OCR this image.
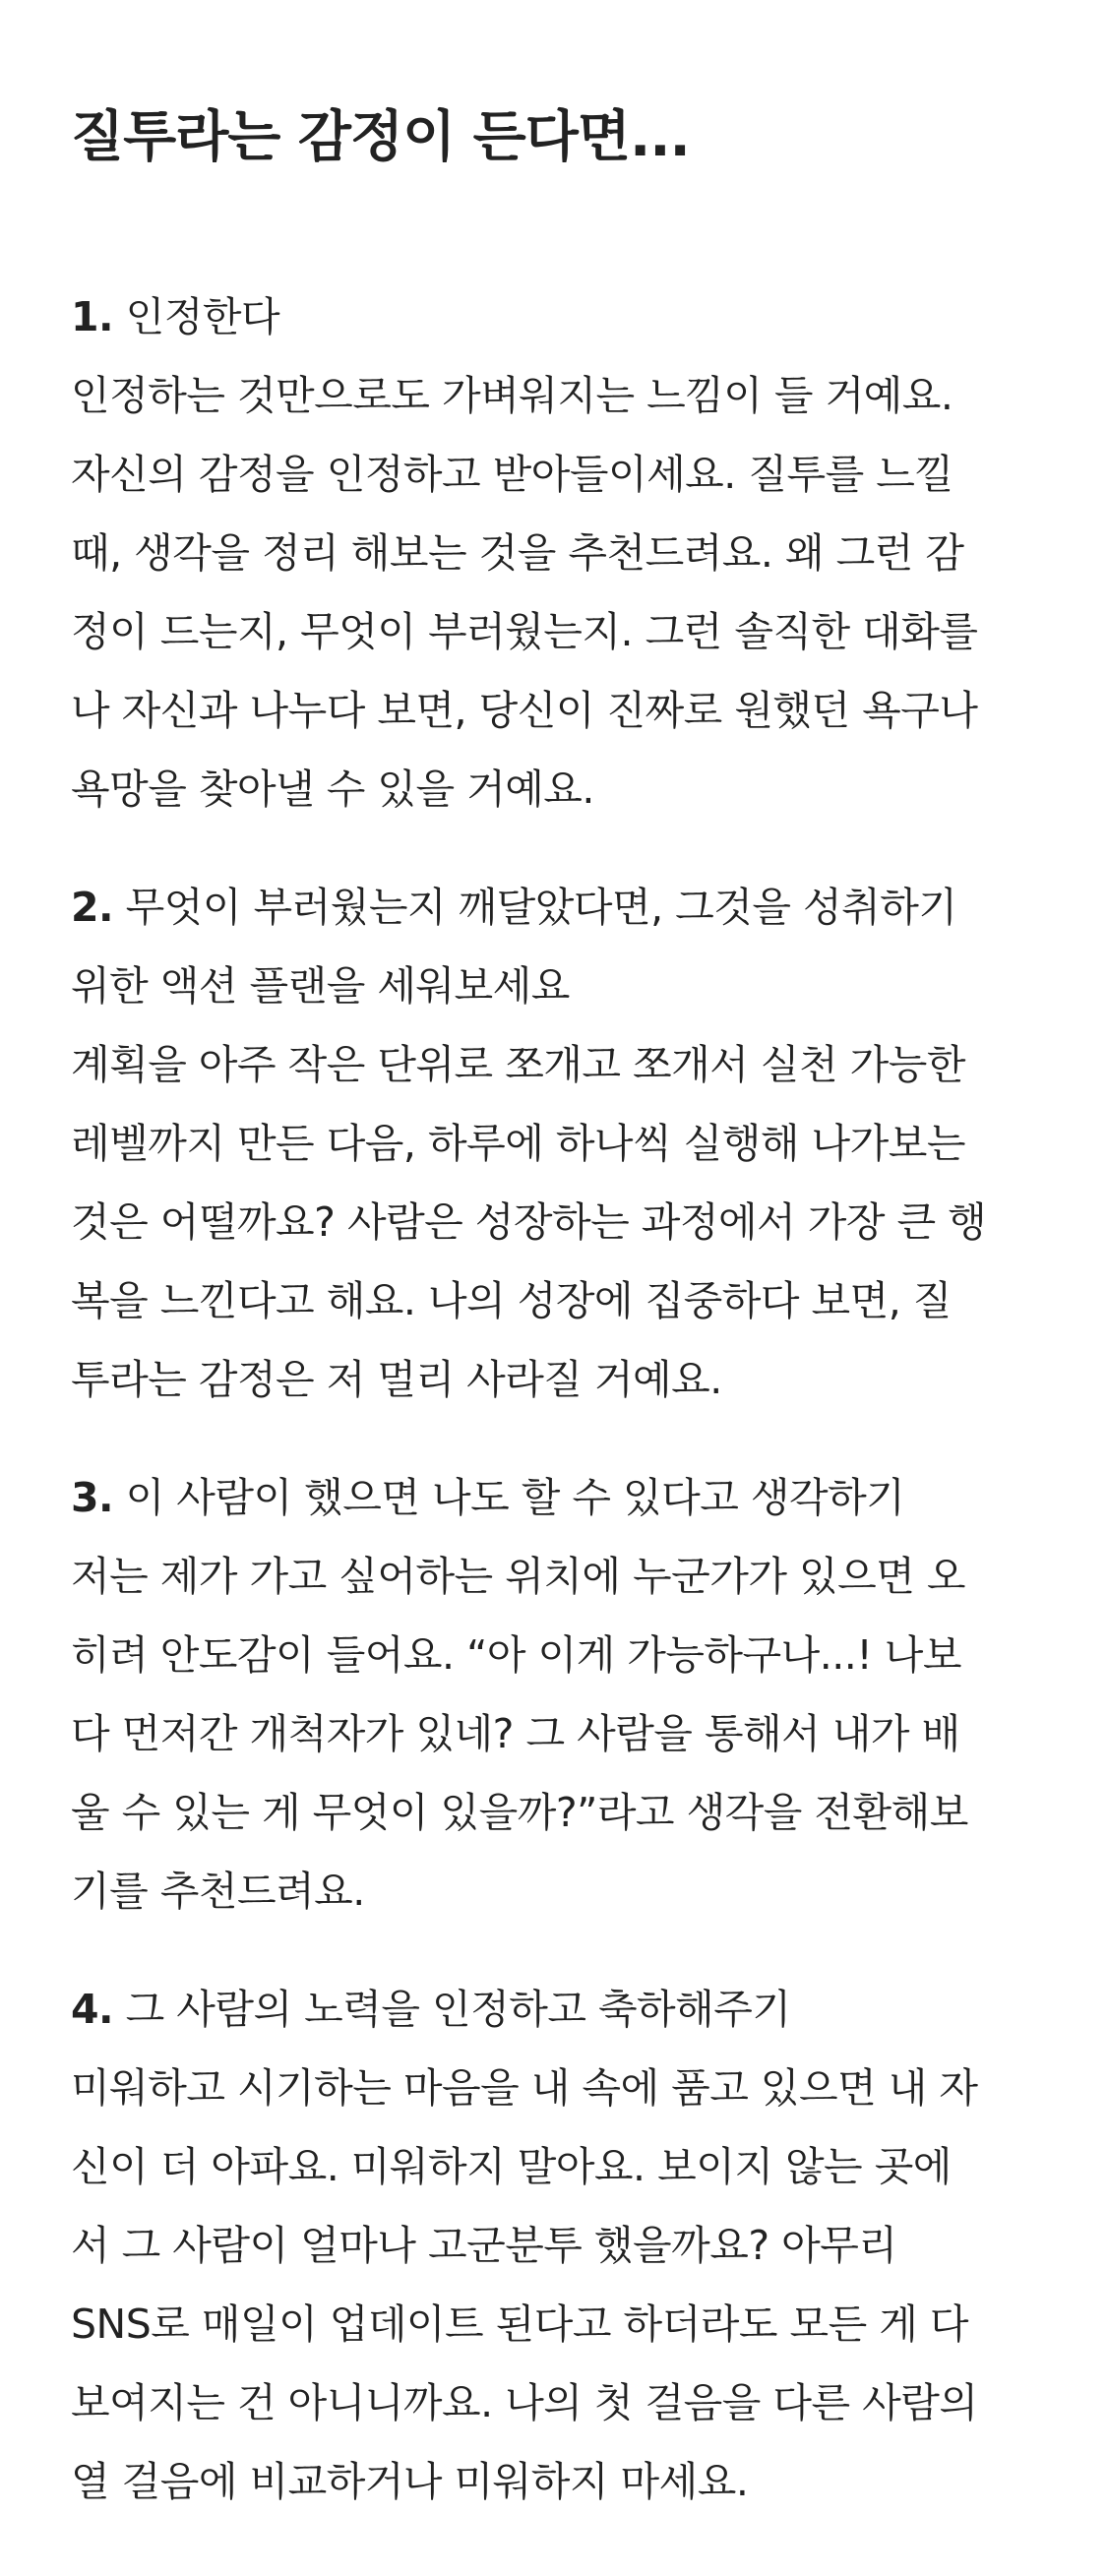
질투라는 감정이 든다면...
1. 인정한다
인정하는 것만으로도 가벼워지는 느낌이 들 거예요.
자신의 감정을 인정하고 받아들이세요. 질투를 느낄
때, 생각을 정리 해보는 것을 추천드려요. 왜 그런 감
정이 드는지, 무엇이 부러웠는지. 그런 솔직한 대화를
나 자신과 나누다 보면, 당신이 진짜로 원했던 욕구나
욕망을 찾아낼 수 있을 거예요.
2. 무엇이 부러웠는지 깨달았다면, 그것을 성취하기
위한 액션 플랜을 세워보세요
계획을 아주 작은 단위로 쪼개고 쪼개서 실천 가능한
레벨까지 만든 다음, 하루에 하나씩 실행해 나가보는
것은 어떨까요? 사람은 성장하는 과정에서 가장 큰 행
복을 느낀다고 해요. 나의 성장에 집중하다 보면, 질
투라는 감정은 저 멀리 사라질 거예요.
3. 이 사람이 했으면 나도 할 수 있다고 생각하기
저는 제가 가고 싶어하는 위치에 누군가가 있으면 오
히려 안도감이 들어요. “아 이게 가능하구나...! 나보
다 먼저간 개척자가 있네? 그 사람을 통해서 내가 배
울 수 있는 게 무엇이 있을까?”라고 생각을 전환해보
기를 추천드려요.
4. 그 사람의 노력을 인정하고 축하해주기
미워하고 시기하는 마음을 내 속에 품고 있으면 내 자
신이 더 아파요. 미워하지 말아요. 보이지 않는 곳에
서 그 사람이 얼마나 고군분투 했을까요? 아무리
SNS로 매일이 업데이트 된다고 하더라도 모든 게 다
보여지는 건 아니니까요. 나의 첫 걸음을 다른 사람의
열 걸음에 비교하거나 미워하지 마세요.
